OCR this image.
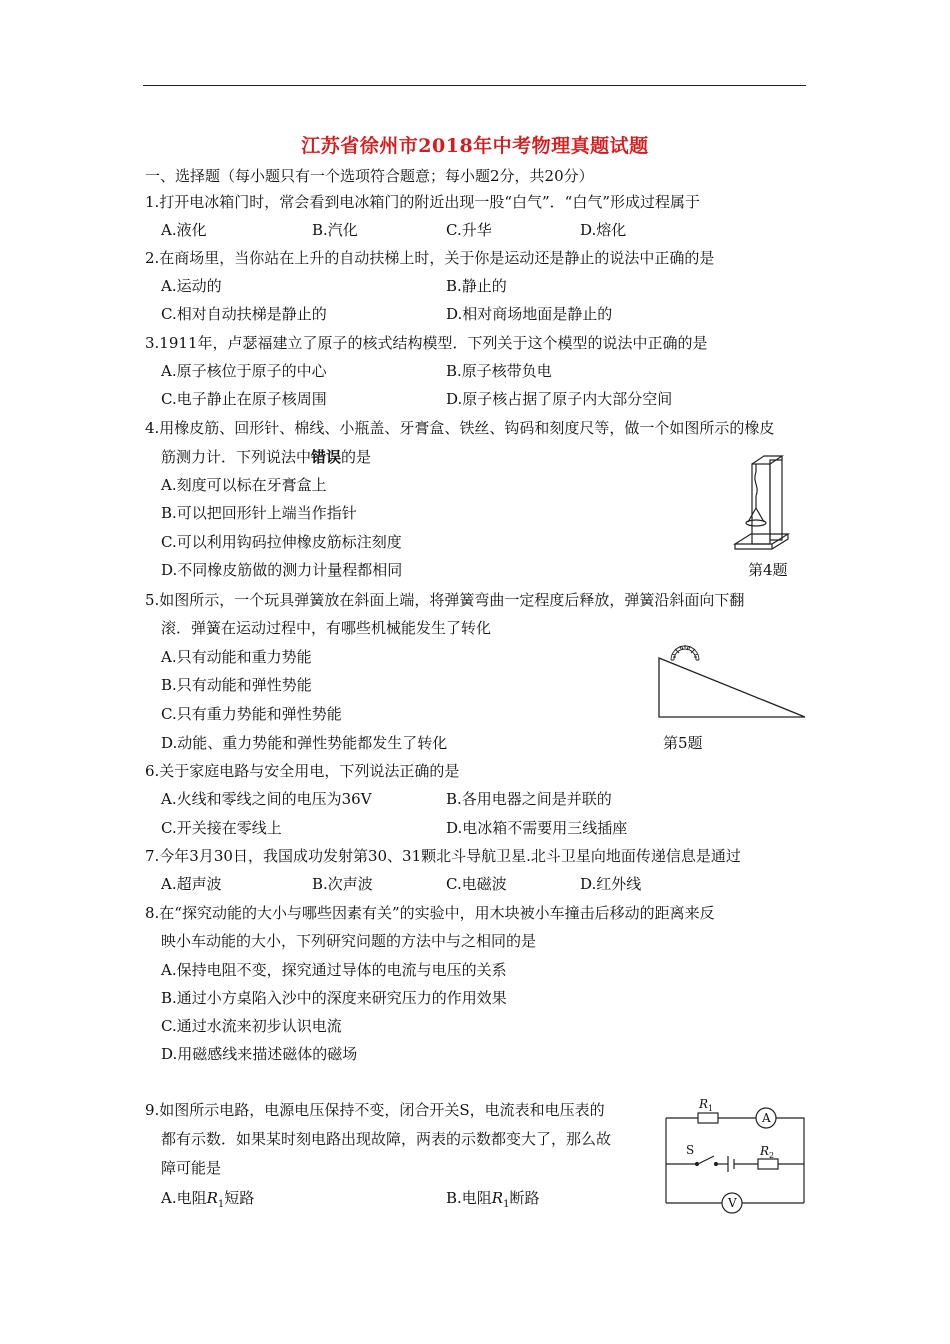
江苏省徐州市2018年中考物理真题试题
一、选择题（每小题只有一个选项符合题意；每小题2分，共20分）
1.打开电冰箱门时，常会看到电冰箱门的附近出现一股“白气”．“白气”形成过程属于
A.液化	B.汽化	C.升华	D.熔化
2.在商场里，当你站在上升的自动扶梯上时，关于你是运动还是静止的说法中正确的是
A.运动的	B.静止的
C.相对自动扶梯是静止的	D.相对商场地面是静止的
3.1911年，卢瑟福建立了原子的核式结构模型．下列关于这个模型的说法中正确的是
A.原子核位于原子的中心	B.原子核带负电
C.电子静止在原子核周围	D.原子核占据了原子内大部分空间
4.用橡皮筋、回形针、棉线、小瓶盖、牙膏盒、铁丝、钩码和刻度尺等，做一个如图所示的橡皮
筋测力计．下列说法中错误的是
A.刻度可以标在牙膏盒上
B.可以把回形针上端当作指针
C.可以利用钩码拉伸橡皮筋标注刻度
D.不同橡皮筋做的测力计量程都相同	第4题
5.如图所示，一个玩具弹簧放在斜面上端，将弹簧弯曲一定程度后释放，弹簧沿斜面向下翻
滚．弹簧在运动过程中，有哪些机械能发生了转化
A.只有动能和重力势能
B.只有动能和弹性势能
C.只有重力势能和弹性势能
D.动能、重力势能和弹性势能都发生了转化	第5题
6.关于家庭电路与安全用电，下列说法正确的是
A.火线和零线之间的电压为36V	B.各用电器之间是并联的
C.开关接在零线上	D.电冰箱不需要用三线插座
7.今年3月30日，我国成功发射第30、31颗北斗导航卫星.北斗卫星向地面传递信息是通过
A.超声波	B.次声波	C.电磁波	D.红外线
8.在“探究动能的大小与哪些因素有关”的实验中，用木块被小车撞击后移动的距离来反
映小车动能的大小，下列研究问题的方法中与之相同的是
A.保持电阻不变，探究通过导体的电流与电压的关系
B.通过小方桌陷入沙中的深度来研究压力的作用效果
C.通过水流来初步认识电流
D.用磁感线来描述磁体的磁场
9.如图所示电路，电源电压保持不变，闭合开关S，电流表和电压表的
都有示数．如果某时刻电路出现故障，两表的示数都变大了，那么故
障可能是
A.电阻$R_1$短路	B.电阻$R_1$断路
$R_1$
$R_2$
S
A
V
